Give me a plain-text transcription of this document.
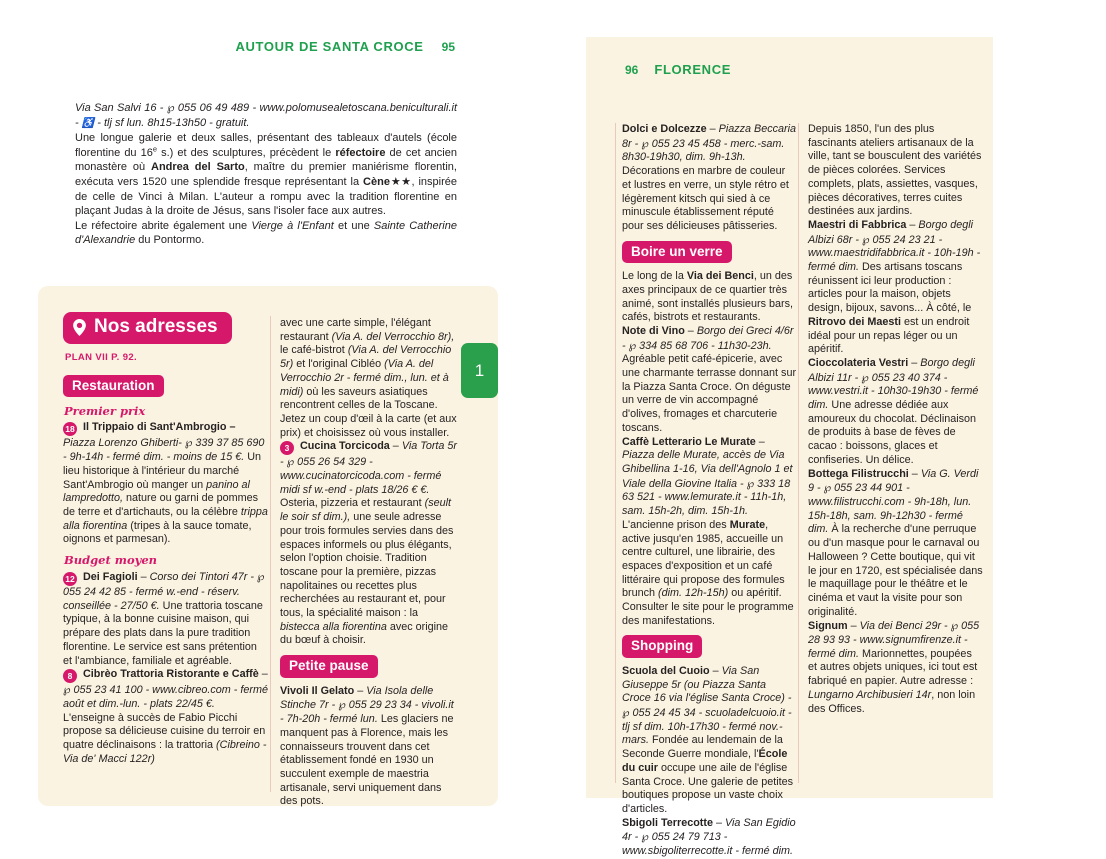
AUTOUR DE SANTA CROCE 95

Via San Salvi 16 - ℘ 055 06 49 489 - www.polomusealetoscana.beniculturali.it - ♿ - tlj sf lun. 8h15-13h50 - gratuit.

Une longue galerie et deux salles, présentant des tableaux d'autels (école florentine du 16e s.) et des sculptures, précèdent le réfectoire de cet ancien monastère où Andrea del Sarto, maître du premier maniérisme florentin, exécuta vers 1520 une splendide fresque représentant la Cène★★, inspirée de celle de Vinci à Milan. L'auteur a rompu avec la tradition florentine en plaçant Judas à la droite de Jésus, sans l'isoler face aux autres.

Le réfectoire abrite également une Vierge à l'Enfant et une Sainte Catherine d'Alexandrie du Pontormo.

Nos adresses
PLAN VII P. 92.
Restauration
Premier prix

18 Il Trippaio di Sant'Ambrogio – Piazza Lorenzo Ghiberti- ℘ 339 37 85 690 - 9h-14h - fermé dim. - moins de 15 €. Un lieu historique à l'intérieur du marché Sant'Ambrogio où manger un panino al lampredotto, nature ou garni de pommes de terre et d'artichauts, ou la célèbre trippa alla fiorentina (tripes à la sauce tomate, oignons et parmesan).

Budget moyen

12 Dei Fagioli – Corso dei Tintori 47r - ℘ 055 24 42 85 - fermé w.-end - réserv. conseillée - 27/50 €. Une trattoria toscane typique, à la bonne cuisine maison, qui prépare des plats dans la pure tradition florentine. Le service est sans prétention et l'ambiance, familiale et agréable.

8 Cibrèo Trattoria Ristorante e Caffè – ℘ 055 23 41 100 - www.cibreo.com - fermé août et dim.-lun. - plats 22/45 €. L'enseigne à succès de Fabio Picchi propose sa délicieuse cuisine du terroir en quatre déclinaisons : la trattoria (Cibreino - Via de' Macci 122r)

avec une carte simple, l'élégant restaurant (Via A. del Verrocchio 8r), le café-bistrot (Via A. del Verrocchio 5r) et l'original Cibléo (Via A. del Verrocchio 2r - fermé dim., lun. et à midi) où les saveurs asiatiques rencontrent celles de la Toscane. Jetez un coup d'œil à la carte (et aux prix) et choisissez où vous installer.

3 Cucina Torcicoda – Via Torta 5r - ℘ 055 26 54 329 - www.cucinatorcicoda.com - fermé midi sf w.-end - plats 18/26 € €. Osteria, pizzeria et restaurant (seult le soir sf dim.), une seule adresse pour trois formules servies dans des espaces informels ou plus élégants, selon l'option choisie. Tradition toscane pour la première, pizzas napolitaines ou recettes plus recherchées au restaurant et, pour tous, la spécialité maison : la bistecca alla fiorentina avec origine du bœuf à choisir.

Petite pause

Vivoli Il Gelato – Via Isola delle Stinche 7r - ℘ 055 29 23 34 - vivoli.it - 7h-20h - fermé lun. Les glaciers ne manquent pas à Florence, mais les connaisseurs trouvent dans cet établissement fondé en 1930 un succulent exemple de maestria artisanale, servi uniquement dans des pots.

1
96 FLORENCE

Dolci e Dolcezze – Piazza Beccaria 8r - ℘ 055 23 45 458 - merc.-sam. 8h30-19h30, dim. 9h-13h. Décorations en marbre de couleur et lustres en verre, un style rétro et légèrement kitsch qui sied à ce minuscule établissement réputé pour ses délicieuses pâtisseries.

Boire un verre

Le long de la Via dei Benci, un des axes principaux de ce quartier très animé, sont installés plusieurs bars, cafés, bistrots et restaurants.

Note di Vino – Borgo dei Greci 4/6r - ℘ 334 85 68 706 - 11h30-23h. Agréable petit café-épicerie, avec une charmante terrasse donnant sur la Piazza Santa Croce. On déguste un verre de vin accompagné d'olives, fromages et charcuterie toscans.

Caffè Letterario Le Murate – Piazza delle Murate, accès de Via Ghibellina 1-16, Via dell'Agnolo 1 et Viale della Giovine Italia - ℘ 333 18 63 521 - www.lemurate.it - 11h-1h, sam. 15h-2h, dim. 15h-1h. L'ancienne prison des Murate, active jusqu'en 1985, accueille un centre culturel, une librairie, des espaces d'exposition et un café littéraire qui propose des formules brunch (dim. 12h-15h) ou apéritif. Consulter le site pour le programme des manifestations.

Shopping

Scuola del Cuoio – Via San Giuseppe 5r (ou Piazza Santa Croce 16 via l'église Santa Croce) - ℘ 055 24 45 34 - scuoladelcuoio.it - tlj sf dim. 10h-17h30 - fermé nov.-mars. Fondée au lendemain de la Seconde Guerre mondiale, l'École du cuir occupe une aile de l'église Santa Croce. Une galerie de petites boutiques propose un vaste choix d'articles.

Sbigoli Terrecotte – Via San Egidio 4r - ℘ 055 24 79 713 - www.sbigoliterrecotte.it - fermé dim.

Depuis 1850, l'un des plus fascinants ateliers artisanaux de la ville, tant se bousculent des variétés de pièces colorées. Services complets, plats, assiettes, vasques, pièces décoratives, terres cuites destinées aux jardins.

Maestri di Fabbrica – Borgo degli Albizi 68r - ℘ 055 24 23 21 - www.maestridifabbrica.it - 10h-19h - fermé dim. Des artisans toscans réunissent ici leur production : articles pour la maison, objets design, bijoux, savons... À côté, le Ritrovo dei Maesti est un endroit idéal pour un repas léger ou un apéritif.

Cioccolateria Vestri – Borgo degli Albizi 11r - ℘ 055 23 40 374 - www.vestri.it - 10h30-19h30 - fermé dim. Une adresse dédiée aux amoureux du chocolat. Déclinaison de produits à base de fèves de cacao : boissons, glaces et confiseries. Un délice.

Bottega Filistrucchi – Via G. Verdi 9 - ℘ 055 23 44 901 - www.filistrucchi.com - 9h-18h, lun. 15h-18h, sam. 9h-12h30 - fermé dim. À la recherche d'une perruque ou d'un masque pour le carnaval ou Halloween ? Cette boutique, qui vit le jour en 1720, est spécialisée dans le maquillage pour le théâtre et le cinéma et vaut la visite pour son originalité.

Signum – Via dei Benci 29r - ℘ 055 28 93 93 - www.signumfirenze.it - fermé dim. Marionnettes, poupées et autres objets uniques, ici tout est fabriqué en papier. Autre adresse : Lungarno Archibusieri 14r, non loin des Offices.
